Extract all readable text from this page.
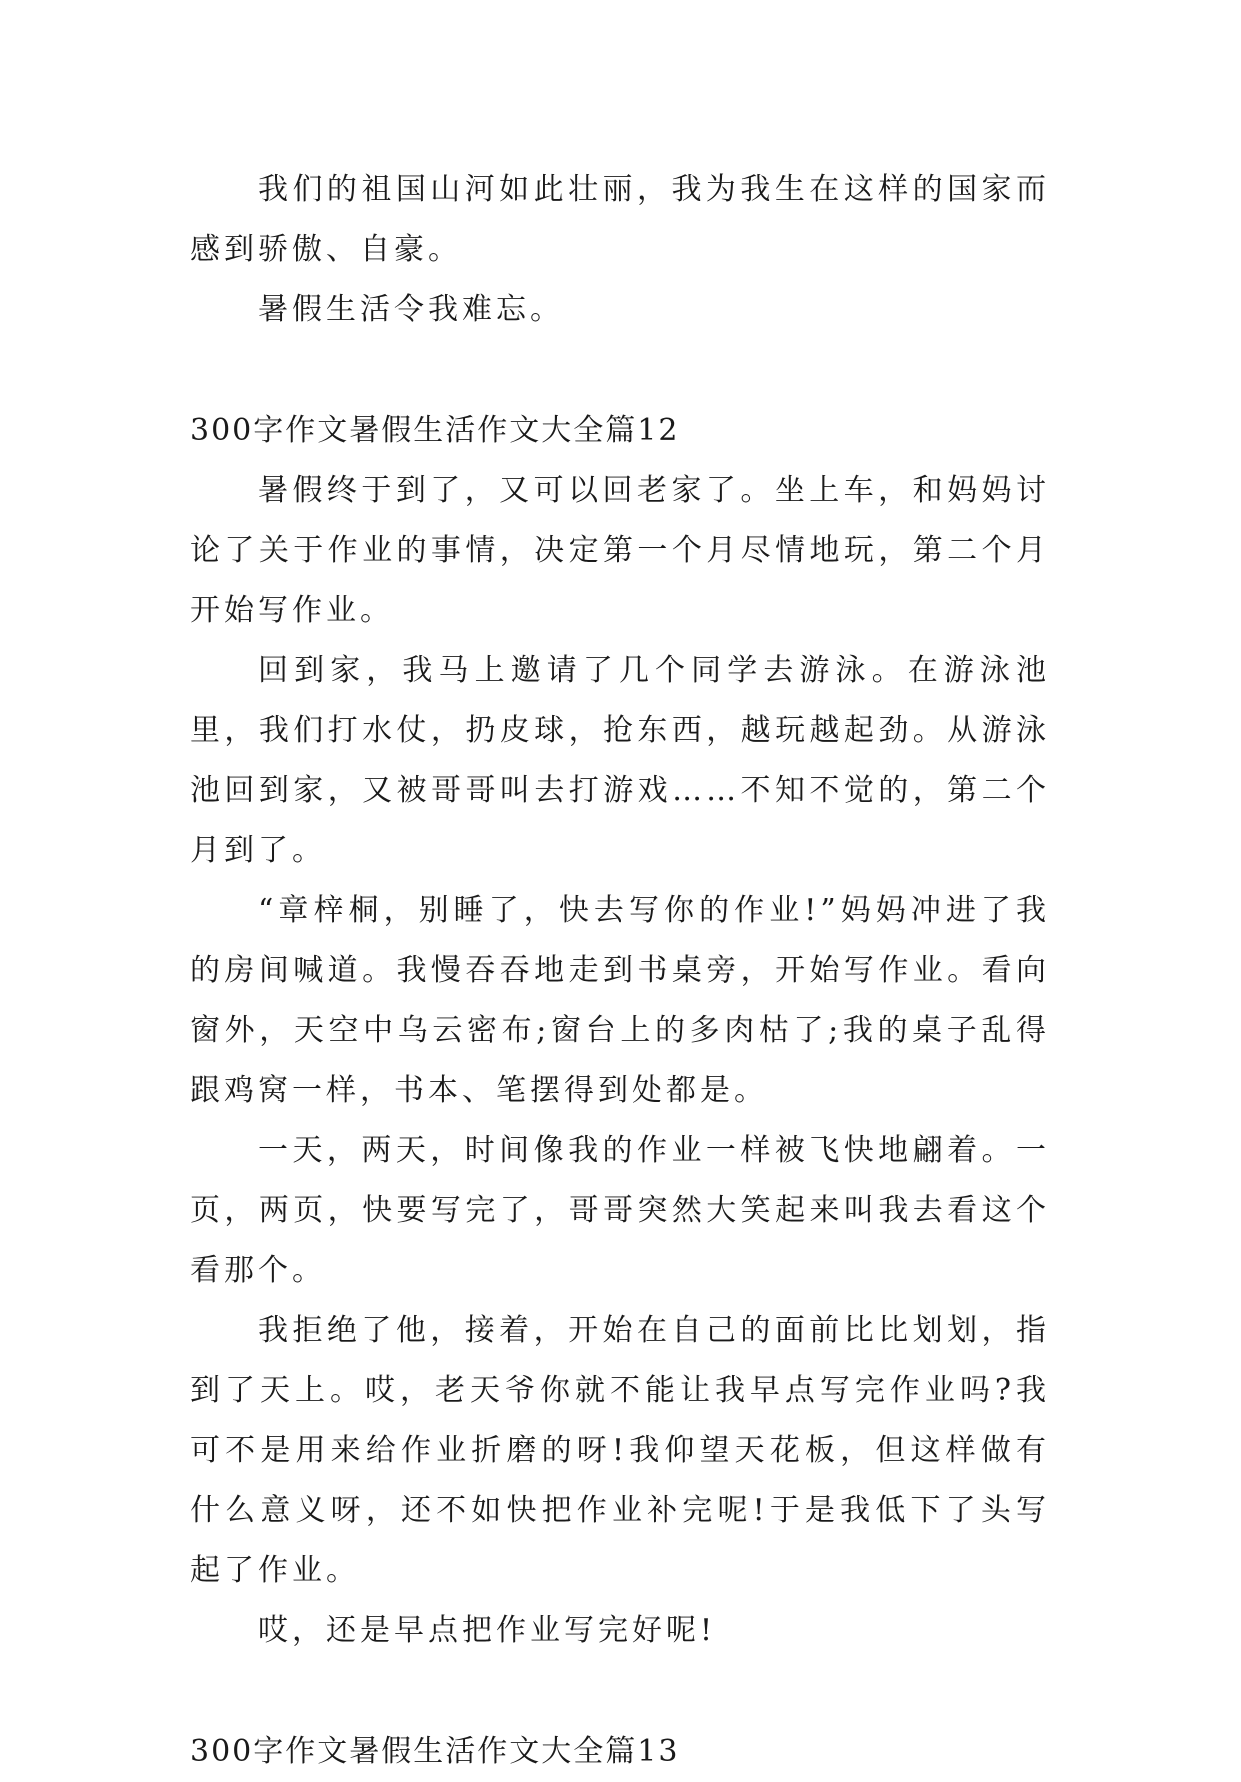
我们的祖国山河如此壮丽，我为我生在这样的国家而感到骄傲、自豪。

暑假生活令我难忘。

300字作文暑假生活作文大全篇12

暑假终于到了，又可以回老家了。坐上车，和妈妈讨论了关于作业的事情，决定第一个月尽情地玩，第二个月开始写作业。

回到家，我马上邀请了几个同学去游泳。在游泳池里，我们打水仗，扔皮球，抢东西，越玩越起劲。从游泳池回到家，又被哥哥叫去打游戏……不知不觉的，第二个月到了。

“章梓桐，别睡了，快去写你的作业!”妈妈冲进了我的房间喊道。我慢吞吞地走到书桌旁，开始写作业。看向窗外，天空中乌云密布;窗台上的多肉枯了;我的桌子乱得跟鸡窝一样，书本、笔摆得到处都是。

一天，两天，时间像我的作业一样被飞快地翩着。一页，两页，快要写完了，哥哥突然大笑起来叫我去看这个看那个。

我拒绝了他，接着，开始在自己的面前比比划划，指到了天上。哎，老天爷你就不能让我早点写完作业吗?我可不是用来给作业折磨的呀!我仰望天花板，但这样做有什么意义呀，还不如快把作业补完呢!于是我低下了头写起了作业。

哎，还是早点把作业写完好呢!

300字作文暑假生活作文大全篇13
